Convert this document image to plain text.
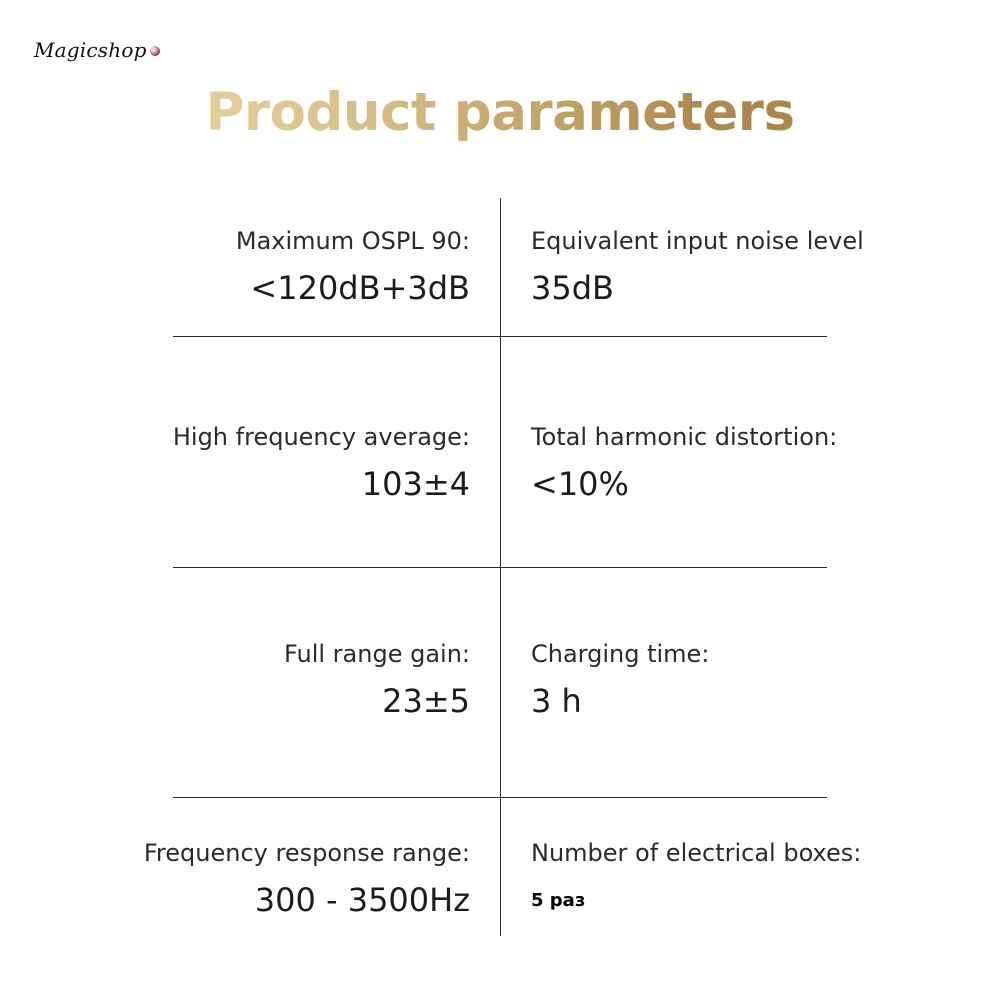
Magicshop
Product parameters
Maximum OSPL 90:
<120dB+3dB
Equivalent input noise level
35dB
High frequency average:
103±4
Total harmonic distortion:
<10%
Full range gain:
23±5
Charging time:
3 h
Frequency response range:
300 - 3500Hz
Number of electrical boxes:
5 раз
